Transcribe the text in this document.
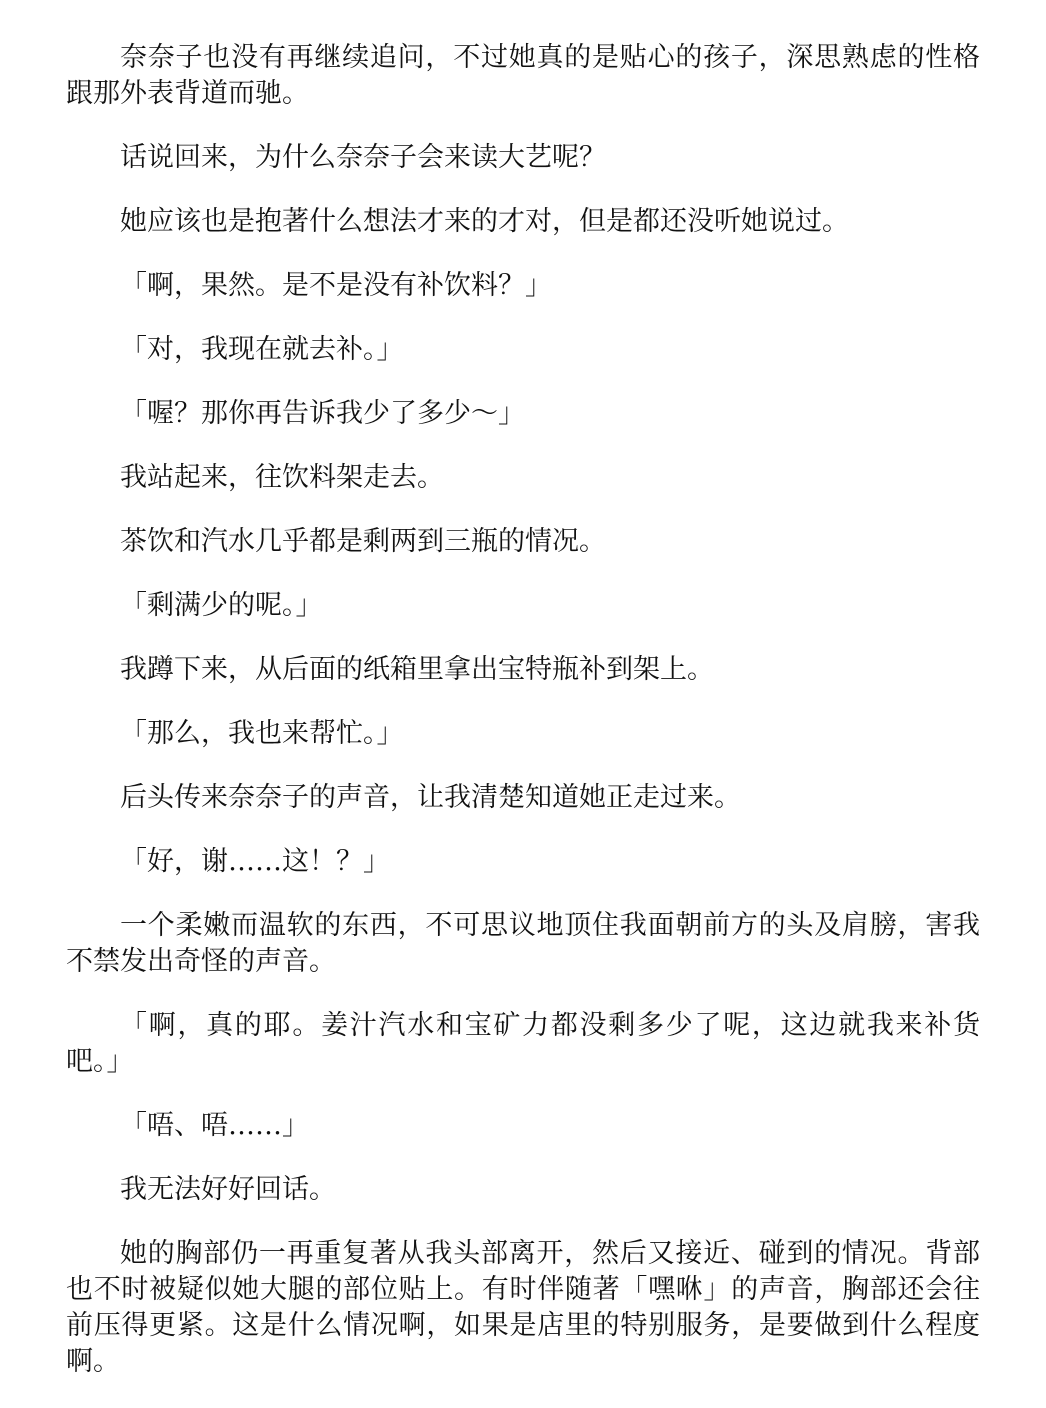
奈奈子也没有再继续追问，不过她真的是贴心的孩子，深思熟虑的性格跟那外表背道而驰。

话说回来，为什么奈奈子会来读大艺呢？

她应该也是抱著什么想法才来的才对，但是都还没听她说过。

「啊，果然。是不是没有补饮料？」

「对，我现在就去补。」

「喔？那你再告诉我少了多少～」

我站起来，往饮料架走去。

茶饮和汽水几乎都是剩两到三瓶的情况。

「剩满少的呢。」

我蹲下来，从后面的纸箱里拿出宝特瓶补到架上。

「那么，我也来帮忙。」

后头传来奈奈子的声音，让我清楚知道她正走过来。

「好，谢……这！？」

一个柔嫩而温软的东西，不可思议地顶住我面朝前方的头及肩膀，害我不禁发出奇怪的声音。

「啊，真的耶。姜汁汽水和宝矿力都没剩多少了呢，这边就我来补货吧。」

「唔、唔……」

我无法好好回话。

她的胸部仍一再重复著从我头部离开，然后又接近、碰到的情况。背部也不时被疑似她大腿的部位贴上。有时伴随著「嘿咻」的声音，胸部还会往前压得更紧。这是什么情况啊，如果是店里的特别服务，是要做到什么程度啊。
